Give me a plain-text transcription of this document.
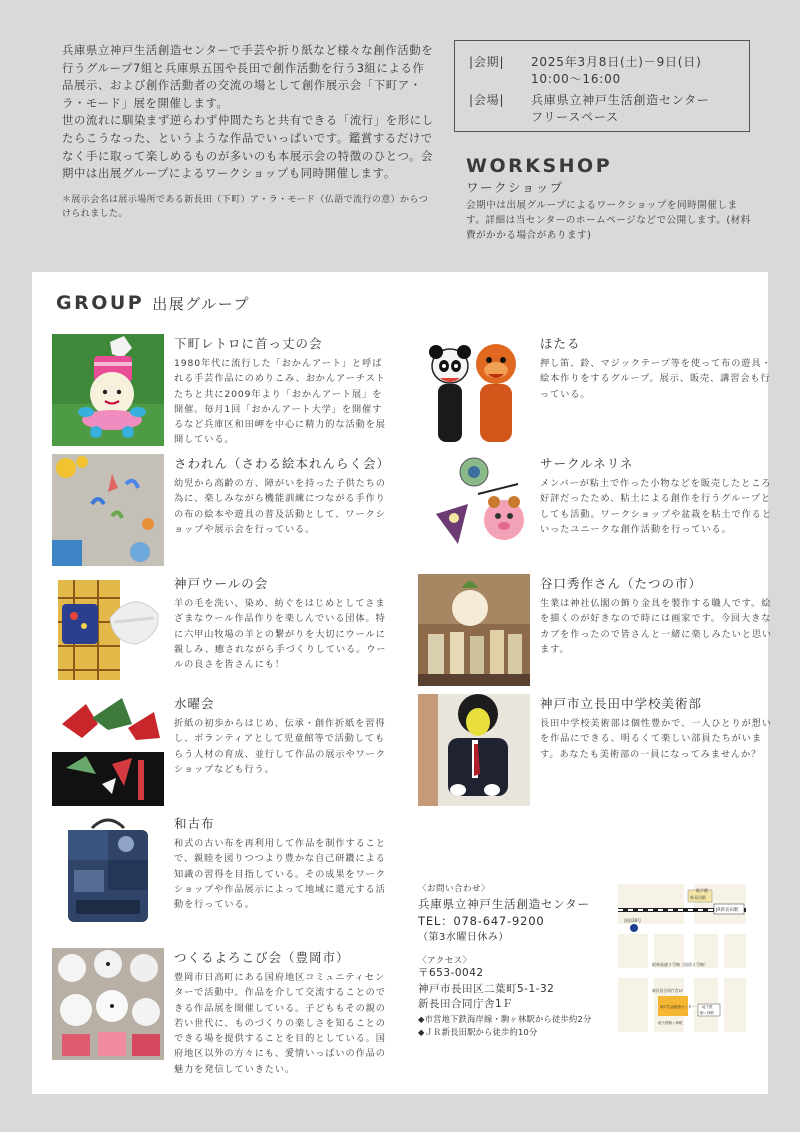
兵庫県立神戸生活創造センターで手芸や折り紙など様々な創作活動を行うグループ7組と兵庫県五国や長田で創作活動を行う3組による作品展示、および創作活動者の交流の場として創作展示会「下町ア・ラ・モード」展を開催します。

世の流れに馴染まず逆らわず仲間たちと共有できる「流行」を形にしたらこうなった、というような作品でいっぱいです。鑑賞するだけでなく手に取って楽しめるものが多いのも本展示会の特徴のひとつ。会期中は出展グループによるワークショップも同時開催します。

＊展示会名は展示場所である新長田（下町）ア・ラ・モード（仏語で流行の意）からつけられました。

|会期|	2025年3月8日(土)－9日(日)
10:00～16:00
|会場|	兵庫県立神戸生活創造センター
フリースペース
WORKSHOP
ワークショップ
会期中は出展グループによるワークショップを同時開催します。詳細は当センターのホームページなどで公開します。(材料費がかかる場合があります)
GROUP 出展グループ
下町レトロに首っ丈の会
1980年代に流行した「おかんアート」と呼ばれる手芸作品にのめりこみ、おかんアーチストたちと共に2009年より「おかんアート展」を開催。毎月1回「おかんアート大学」を開催するなど兵庫区和田岬を中心に精力的な活動を展開している。
ほたる
押し笛、鈴、マジックテープ等を使って布の遊具・絵本作りをするグループ。展示、販売、講習会も行っている。
さわれん（さわる絵本れんらく会）
幼児から高齢の方、障がいを持った子供たちの為に、楽しみながら機能訓練につながる手作りの布の絵本や遊具の普及活動として、ワークショップや展示会を行っている。
サークルネリネ
メンバーが粘土で作った小物などを販売したところ好評だったため、粘土による創作を行うグループとしても活動。ワークショップや盆栽を粘土で作るといったユニークな創作活動を行っている。
神戸ウールの会
羊の毛を洗い、染め、紡ぐをはじめとしてさまざまなウール作品作りを楽しんでいる団体。特に六甲山牧場の羊との繋がりを大切にウールに親しみ、癒されながら手づくりしている。ウールの良さを皆さんにも！
谷口秀作さん（たつの市）
生業は神社仏閣の飾り金具を製作する職人です。絵を描くのが好きなので時には画家です。今回大きなカブを作ったので皆さんと一緒に楽しみたいと思います。
水曜会
折紙の初歩からはじめ、伝承・創作折紙を習得し、ボランティアとして児童館等で活動してもらう人材の育成、並行して作品の展示やワークショップなども行う。
神戸市立長田中学校美術部
長田中学校美術部は個性豊かで、一人ひとりが想いを作品にできる、明るくて楽しい部員たちがいます。あなたも美術部の一員になってみませんか？
和古布
和式の古い布を再利用して作品を制作することで、親睦を図りつつより豊かな自己研鑽による知識の習得を目指している。その成果をワークショップや作品展示によって地域に還元する活動を行っている。
つくるよろこび会（豊岡市）
豊岡市日高町にある国府地区コミュニティセンターで活動中。作品を介して交流することのできる作品展を開催している。子どももその親の若い世代に、ものづくりの楽しさを知ることのできる場を提供することを目的としている。国府地区以外の方々にも、愛情いっぱいの作品の魅力を発信していきたい。
〈お問い合わせ〉
兵庫県立神戸生活創造センター
TEL：078-647-9200
（第3水曜日休み）
〈アクセス〉
〒653-0042
神戸市長田区二葉町5-1-32
新長田合同庁舎1Ｆ
◆市営地下鉄海岸線・駒ヶ林駅から徒歩約2分
◆ＪＲ新長田駅から徒歩約10分
地下鉄
新長田駅
JR新長田駅
国道28号
阪神高速３号線（国道２号線）
新長田合同庁舎1F
神戸生活創造センター 地下鉄
駒ヶ林駅
地下鉄駒ヶ林駅
